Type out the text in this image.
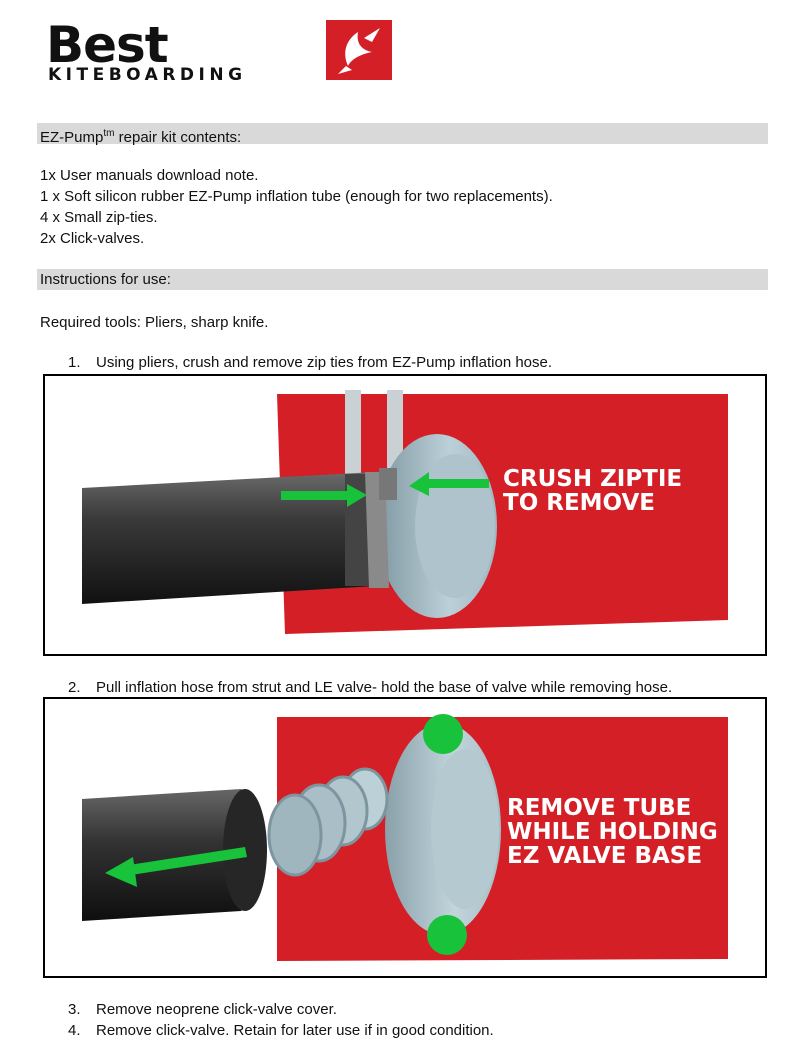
Best
KITEBOARDING
EZ-Pump$^{tm}$ repair kit contents:
1x User manuals download note.
1 x Soft silicon rubber EZ-Pump inflation tube (enough for two replacements).
4 x Small zip-ties.
2x Click-valves.
Instructions for use:
Required tools: Pliers, sharp knife.
1. Using pliers, crush and remove zip ties from EZ-Pump inflation hose.
CRUSH ZIPTIE
TO REMOVE
2. Pull inflation hose from strut and LE valve- hold the base of valve while removing hose.
REMOVE TUBE
WHILE HOLDING
EZ VALVE BASE
3. Remove neoprene click-valve cover.
4. Remove click-valve. Retain for later use if in good condition.
